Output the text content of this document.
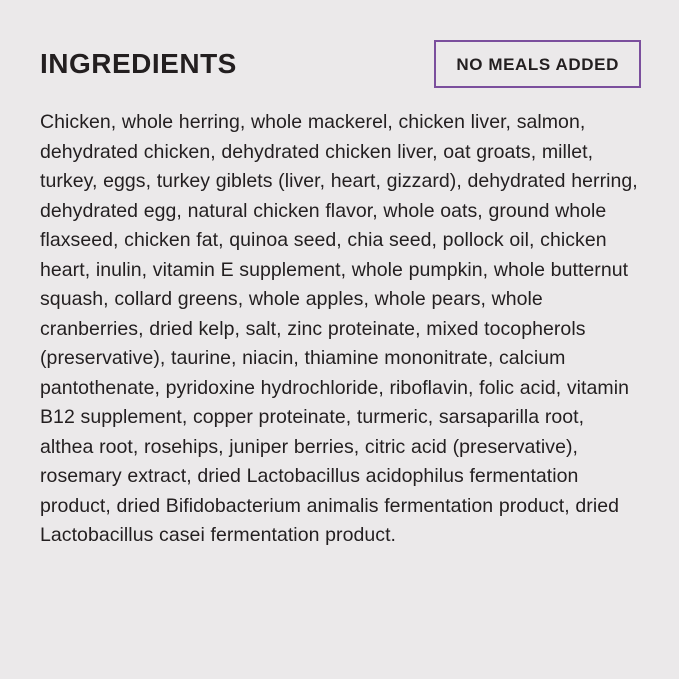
INGREDIENTS	NO MEALS ADDED
Chicken, whole herring, whole mackerel, chicken liver, salmon, dehydrated chicken, dehydrated chicken liver, oat groats, millet, turkey, eggs, turkey giblets (liver, heart, gizzard), dehydrated herring, dehydrated egg, natural chicken flavor, whole oats, ground whole flaxseed, chicken fat, quinoa seed, chia seed, pollock oil, chicken heart, inulin, vitamin E supplement, whole pumpkin, whole butternut squash, collard greens, whole apples, whole pears, whole cranberries, dried kelp, salt, zinc proteinate, mixed tocopherols (preservative), taurine, niacin, thiamine mononitrate, calcium pantothenate, pyridoxine hydrochloride, riboflavin, folic acid, vitamin B12 supplement, copper proteinate, turmeric, sarsaparilla root, althea root, rosehips, juniper berries, citric acid (preservative), rosemary extract, dried Lactobacillus acidophilus fermentation product, dried Bifidobacterium animalis fermentation product, dried Lactobacillus casei fermentation product.
